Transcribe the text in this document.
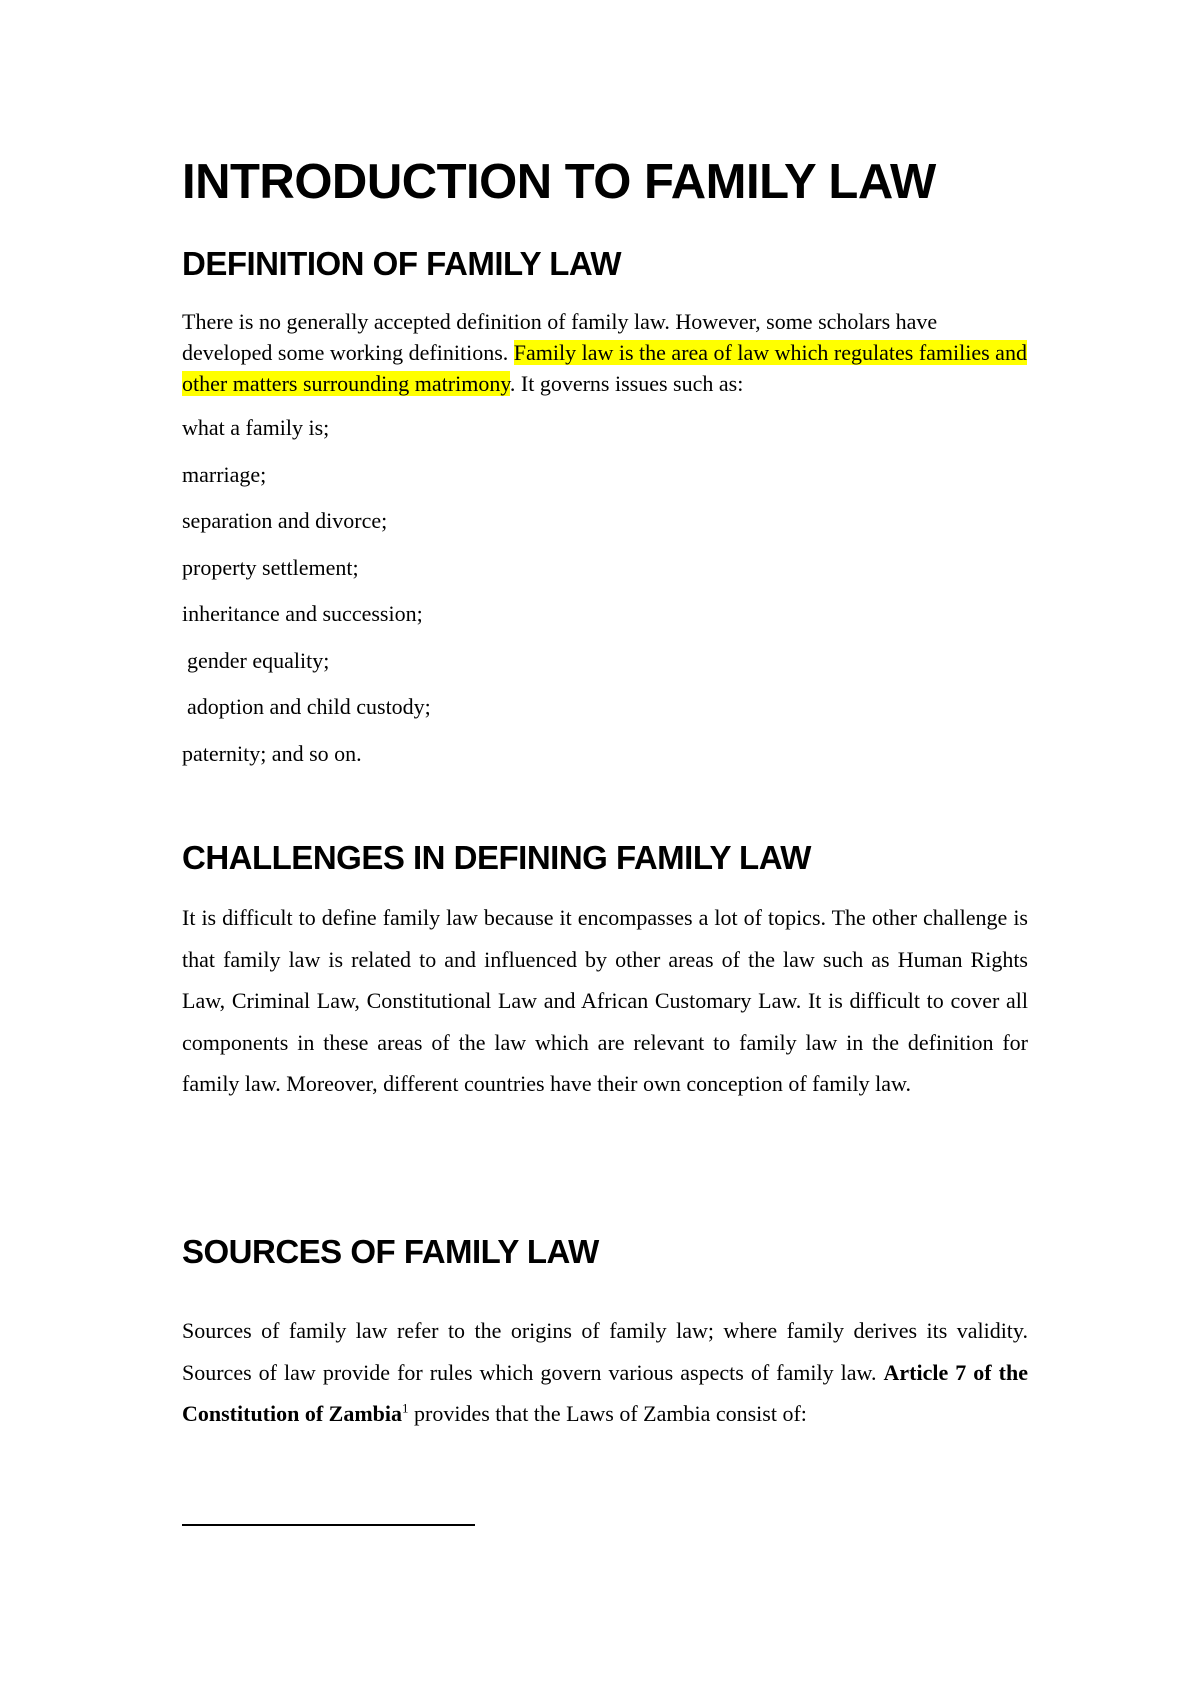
INTRODUCTION TO FAMILY LAW
DEFINITION OF FAMILY LAW

There is no generally accepted definition of family law. However, some scholars have developed some working definitions. Family law is the area of law which regulates families and other matters surrounding matrimony. It governs issues such as:

what a family is;

marriage;

separation and divorce;

property settlement;

inheritance and succession;

gender equality;

adoption and child custody;

paternity; and so on.

CHALLENGES IN DEFINING FAMILY LAW

It is difficult to define family law because it encompasses a lot of topics. The other challenge is that family law is related to and influenced by other areas of the law such as Human Rights Law, Criminal Law, Constitutional Law and African Customary Law. It is difficult to cover all components in these areas of the law which are relevant to family law in the definition for family law. Moreover, different countries have their own conception of family law.

SOURCES OF FAMILY LAW

Sources of family law refer to the origins of family law; where family derives its validity. Sources of law provide for rules which govern various aspects of family law. Article 7 of the Constitution of Zambia$^1$ provides that the Laws of Zambia consist of:
